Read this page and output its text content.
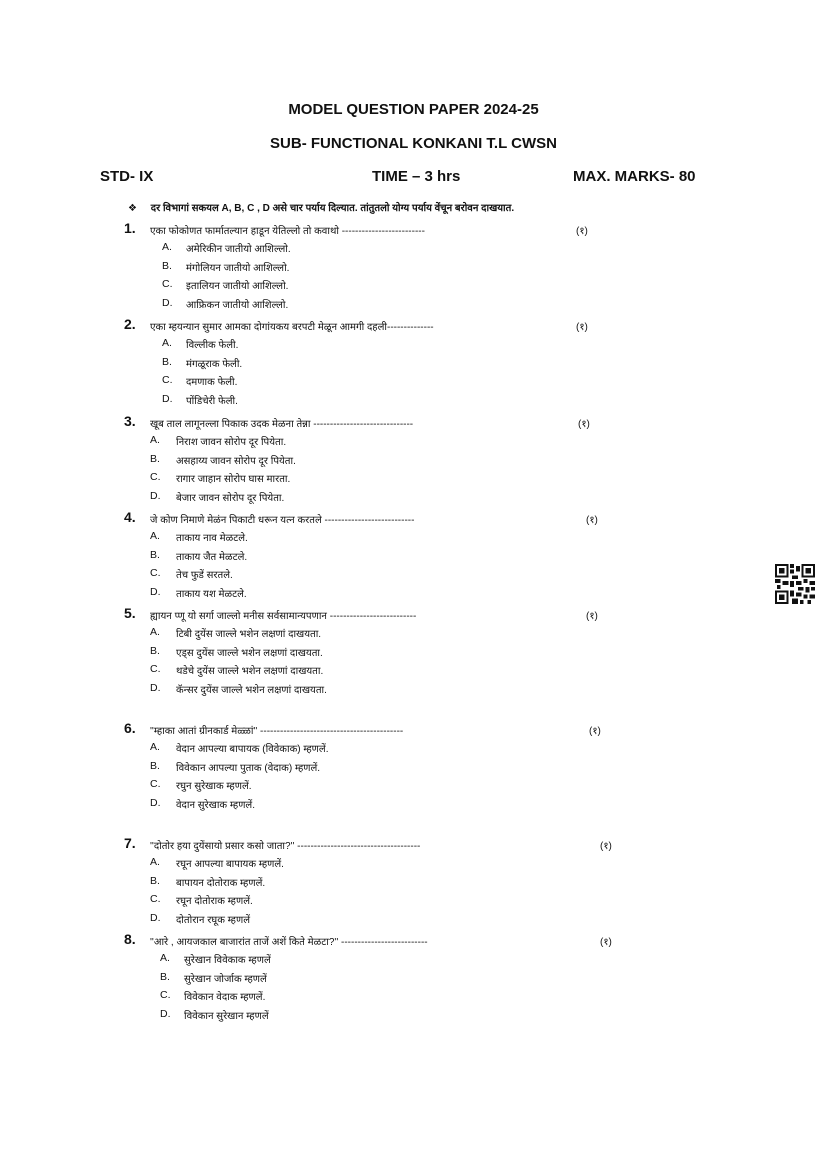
MODEL QUESTION PAPER 2024-25
SUB- FUNCTIONAL KONKANI T.L CWSN
STD- IX	TIME – 3 hrs	MAX. MARKS- 80
❖ दर विभागां सकयल A, B, C , D असे चार पर्याय दिल्यात. तांतुतलो योग्य पर्याय वेंचून बरोवन दाखयात.
1. एका फोकोणत फार्मातल्यान हाडून येतिल्लो तो कवाथो -------------------------	(१)
A. अमेरिकीन जातीयो आशिल्लो.
B. मंगोलियन जातीयो आशिल्लो.
C. इतालियन जातीयो आशिल्लो.
D. आफ्रिकन जातीयो आशिल्लो.
2. एका म्हयन्यान सुमार आमका दोगांयकय बरपटी मेळून आमगी दहली--------------	(१)
A. विल्लीक फेली.
B. मंगळूराक फेली.
C. दमणाक फेली.
D. पोंडिचेरी फेली.
3. खूब ताल लागूनल्ला पिकाक उदक मेळना तेन्ना ------------------------------	(१)
A. निराश जावन सोरोप दूर पियेता.
B. असहाय्य जावन सोरोप दूर पियेता.
C. रागार जाहान सोरोप घास मारता.
D. बेजार जावन सोरोप दूर पियेता.
4. जे कोण निमाणे मेळंन पिकाटी धरून यत्न करतले ---------------------------	(१)
A. ताकाय नाव मेळटले.
B. ताकाय जैत मेळटले.
C. तेच फुडें सरतले.
D. ताकाय यश मेळटले.
5. ह्यायन प्णू यो सर्गा जाल्लो मनीस सर्वसामान्यपणान --------------------------	(१)
A. टिबी दुयेंस जाल्ले भशेन लक्षणां दाखयता.
B. एड्स दुयेंस जाल्ले भशेन लक्षणां दाखयता.
C. थडेचे दुयेंस जाल्ले भशेन लक्षणां दाखयता.
D. कॅन्सर दुयेंस जाल्ले भशेन लक्षणां दाखयता.
6. ''म्हाका आतां ग्रीनकार्ड मेळ्ळां'' -------------------------------------------	(१)
A. वेदान आपल्या बापायक (विवेकाक) म्हणलें.
B. विवेकान आपल्या पुताक (वेदाक) म्हणलें.
C. रघुन सुरेखाक म्हणलें.
D. वेदान सुरेखाक म्हणलें.
7. ''दोतोर हया दुयेंसायो प्रसार कसो जाता?'' -------------------------------------	(१)
A. रघून आपल्या बापायक म्हणलें.
B. बापायन दोतोराक म्हणलें.
C. रघून दोतोराक म्हणलें.
D. दोतोरान रघूक म्हणलें
8. ''आरे , आयजकाल बाजारांत ताजें अशें किते मेळटा?'' --------------------------	(१)
A. सुरेखान विवेकाक म्हणलें
B. सुरेखान जोर्जाक म्हणलें
C. विवेकान वेदाक म्हणलें.
D. विवेकान सुरेखान म्हणलें
